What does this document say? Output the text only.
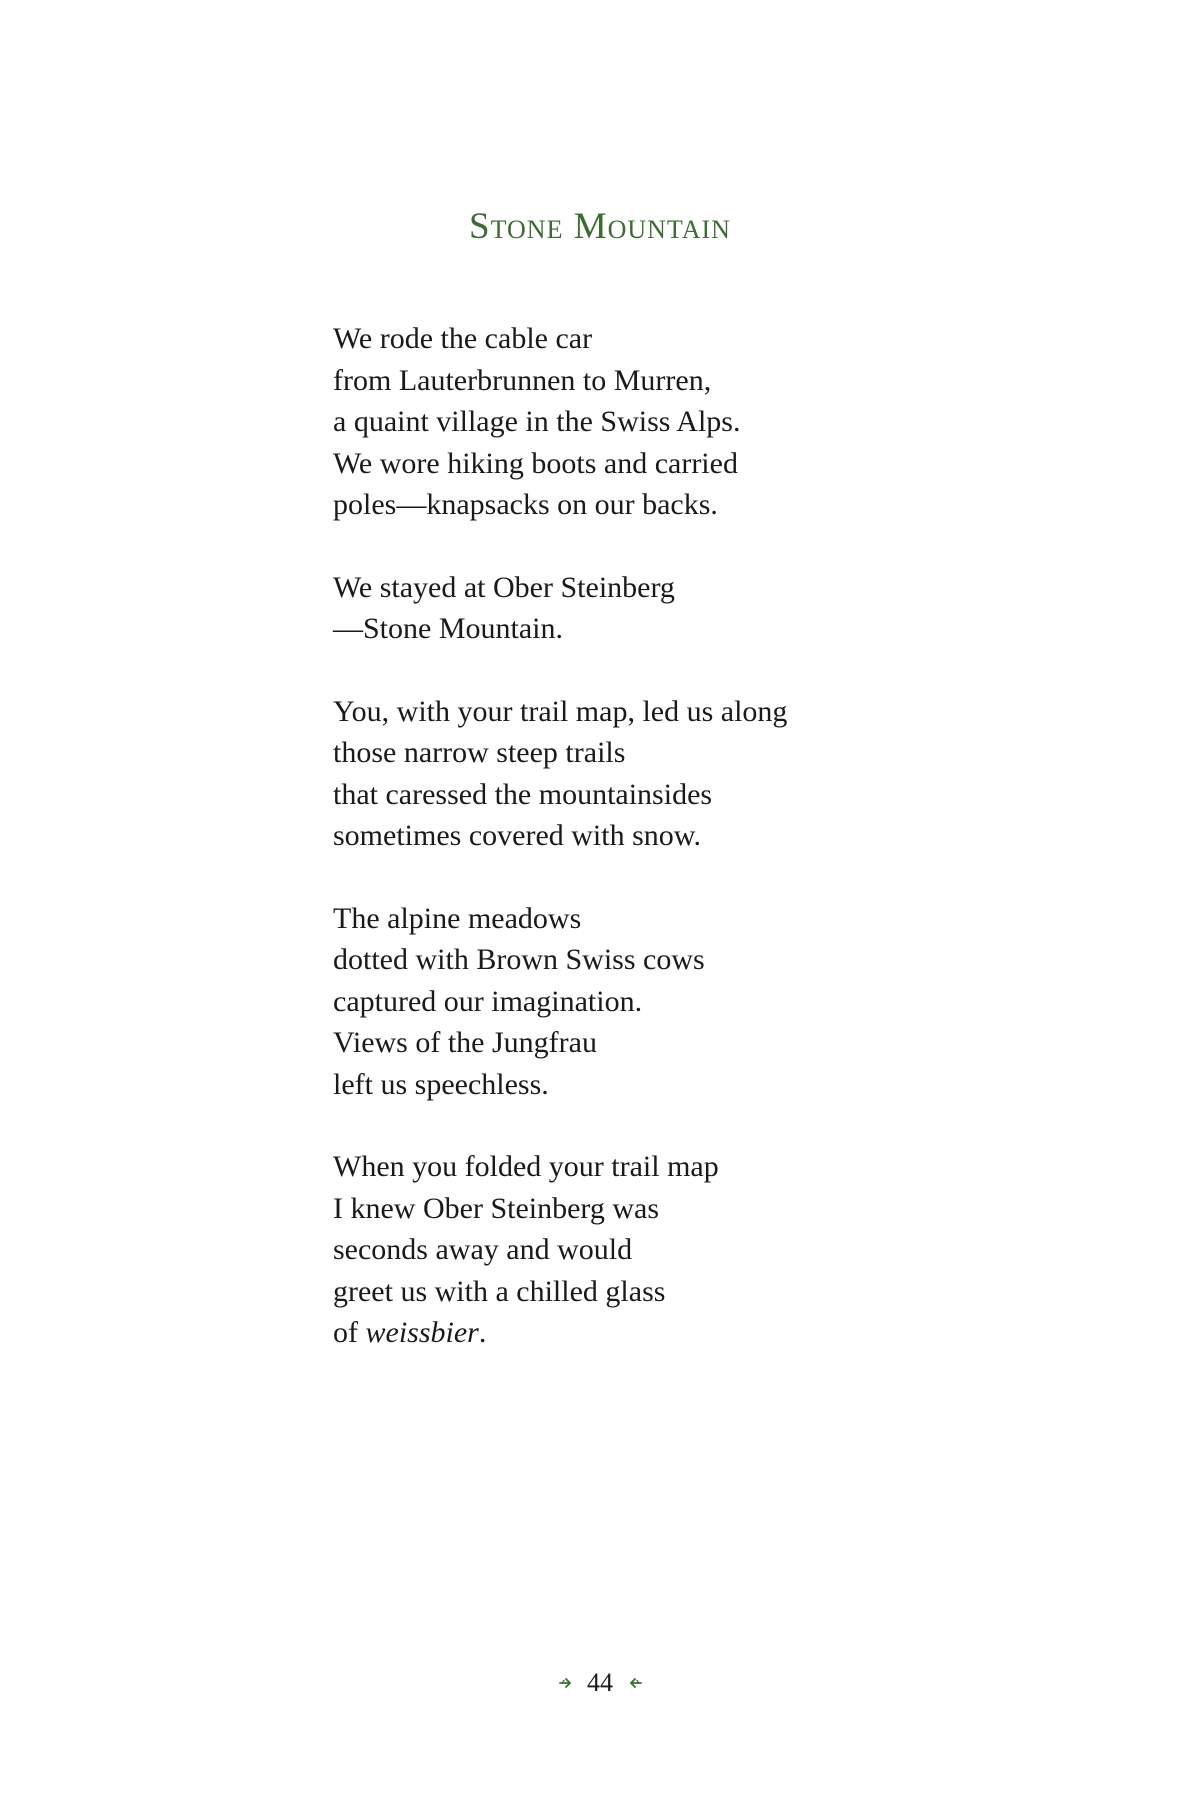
Stone Mountain
We rode the cable car
from Lauterbrunnen to Murren,
a quaint village in the Swiss Alps.
We wore hiking boots and carried
poles—knapsacks on our backs.
We stayed at Ober Steinberg
—Stone Mountain.
You, with your trail map, led us along
those narrow steep trails
that caressed the mountainsides
sometimes covered with snow.
The alpine meadows
dotted with Brown Swiss cows
captured our imagination.
Views of the Jungfrau
left us speechless.
When you folded your trail map
I knew Ober Steinberg was
seconds away and would
greet us with a chilled glass
of weissbier.
44
